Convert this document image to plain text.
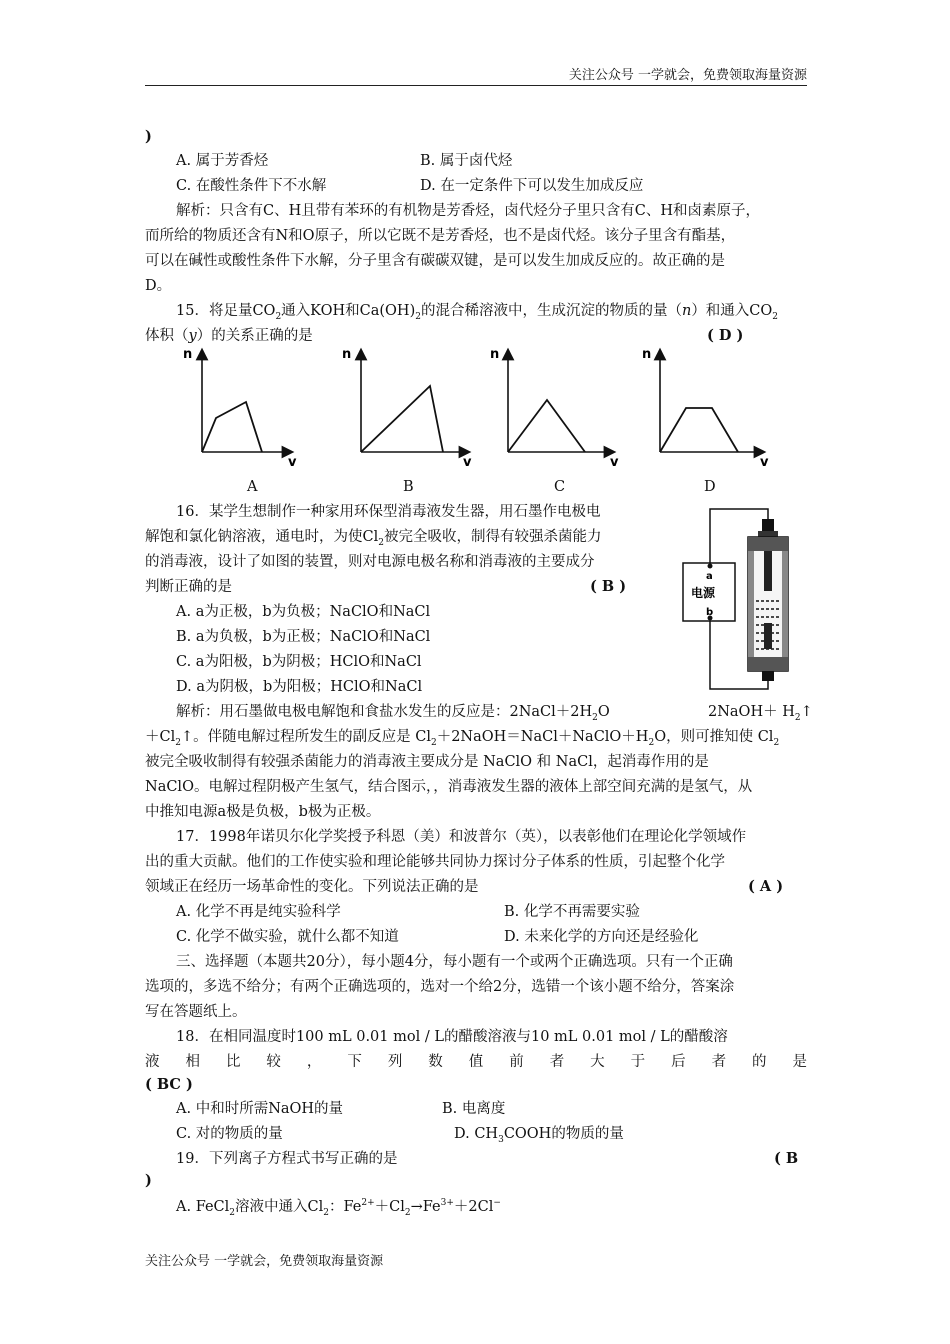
关注公众号 一学就会，免费领取海量资源
)
A. 属于芳香烃	B. 属于卤代烃
C. 在酸性条件下不水解	D. 在一定条件下可以发生加成反应
解析：只含有C、H且带有苯环的有机物是芳香烃，卤代烃分子里只含有C、H和卤素原子，
而所给的物质还含有N和O原子，所以它既不是芳香烃，也不是卤代烃。该分子里含有酯基，
可以在碱性或酸性条件下水解，分子里含有碳碳双键，是可以发生加成反应的。故正确的是
D。
15．将足量$CO_2$通入KOH和$Ca(OH)_2$的混合稀溶液中，生成沉淀的物质的量（n）和通入$CO_2$
体积（y）的关系正确的是	( D )
n
v
n
v
n
v
n
v
A	B	C	D
16．某学生想制作一种家用环保型消毒液发生器，用石墨作电极电
解饱和氯化钠溶液，通电时，为使$Cl_2$被完全吸收，制得有较强杀菌能力
的消毒液，设计了如图的装置，则对电源电极名称和消毒液的主要成分
判断正确的是	( B )
A. a为正极，b为负极；NaClO和NaCl
B. a为负极，b为正极；NaClO和NaCl
C. a为阳极，b为阴极；HClO和NaCl
D. a为阴极，b为阳极；HClO和NaCl
a
电源
b
解析：用石墨做电极电解饱和食盐水发生的反应是：$2NaCl+2H_2O$	2NaOH＋ $H_2↑$
$+Cl_2↑$。伴随电解过程所发生的副反应是 $Cl_2+2NaOH=NaCl+NaClO+H_2O$，则可推知使 $Cl_2$
被完全吸收制得有较强杀菌能力的消毒液主要成分是 NaClO 和 NaCl，起消毒作用的是
NaClO。电解过程阴极产生氢气，结合图示，，消毒液发生器的液体上部空间充满的是氢气，从
中推知电源a极是负极，b极为正极。
17．1998年诺贝尔化学奖授予科恩（美）和波普尔（英），以表彰他们在理论化学领域作
出的重大贡献。他们的工作使实验和理论能够共同协力探讨分子体系的性质，引起整个化学
领域正在经历一场革命性的变化。下列说法正确的是	( A )
A. 化学不再是纯实验科学	B. 化学不再需要实验
C. 化学不做实验，就什么都不知道	D. 未来化学的方向还是经验化
三、选择题（本题共20分），每小题4分，每小题有一个或两个正确选项。只有一个正确
选项的，多选不给分；有两个正确选项的，选对一个给2分，选错一个该小题不给分，答案涂
写在答题纸上。
18．在相同温度时100 mL 0.01 mol / L的醋酸溶液与10 mL 0.01 mol / L的醋酸溶
液 相 比 较 ， 下 列 数 值 前 者 大 于 后 者 的 是
( BC )
A. 中和时所需NaOH的量	B. 电离度
C. 对的物质的量	D. $CH_3COOH$的物质的量
19．下列离子方程式书写正确的是	( B
)
A. FeCl$_2$溶液中通入$Cl_2$：$Fe^{2+}+Cl_2\to Fe^{3+}+2Cl^-$
关注公众号 一学就会，免费领取海量资源
